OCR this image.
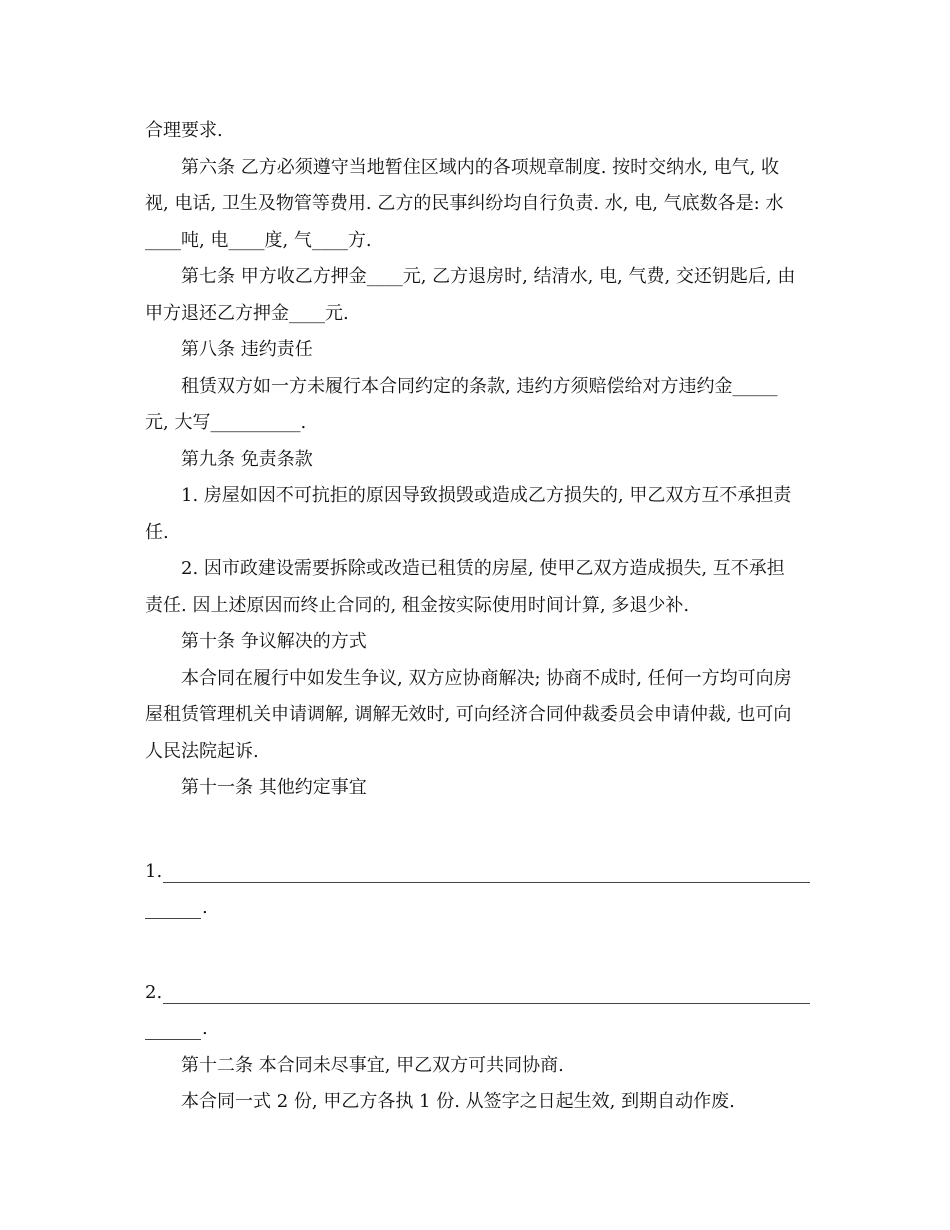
合理要求.

第六条 乙方必须遵守当地暂住区域内的各项规章制度. 按时交纳水, 电气, 收

视, 电话, 卫生及物管等费用. 乙方的民事纠纷均自行负责. 水, 电, 气底数各是: 水

____吨, 电____度, 气____方.

第七条 甲方收乙方押金____元, 乙方退房时, 结清水, 电, 气费, 交还钥匙后, 由

甲方退还乙方押金____元.

第八条 违约责任

租赁双方如一方未履行本合同约定的条款, 违约方须赔偿给对方违约金_____

元, 大写__________.

第九条 免责条款

1. 房屋如因不可抗拒的原因导致损毁或造成乙方损失的, 甲乙双方互不承担责

任.

2. 因市政建设需要拆除或改造已租赁的房屋, 使甲乙双方造成损失, 互不承担

责任. 因上述原因而终止合同的, 租金按实际使用时间计算, 多退少补.

第十条 争议解决的方式

本合同在履行中如发生争议, 双方应协商解决; 协商不成时, 任何一方均可向房

屋租赁管理机关申请调解, 调解无效时, 可向经济合同仲裁委员会申请仲裁, 也可向

人民法院起诉.

第十一条 其他约定事宜

1.
.
2.
.

第十二条 本合同未尽事宜, 甲乙双方可共同协商.

本合同一式 2 份, 甲乙方各执 1 份. 从签字之日起生效, 到期自动作废.
